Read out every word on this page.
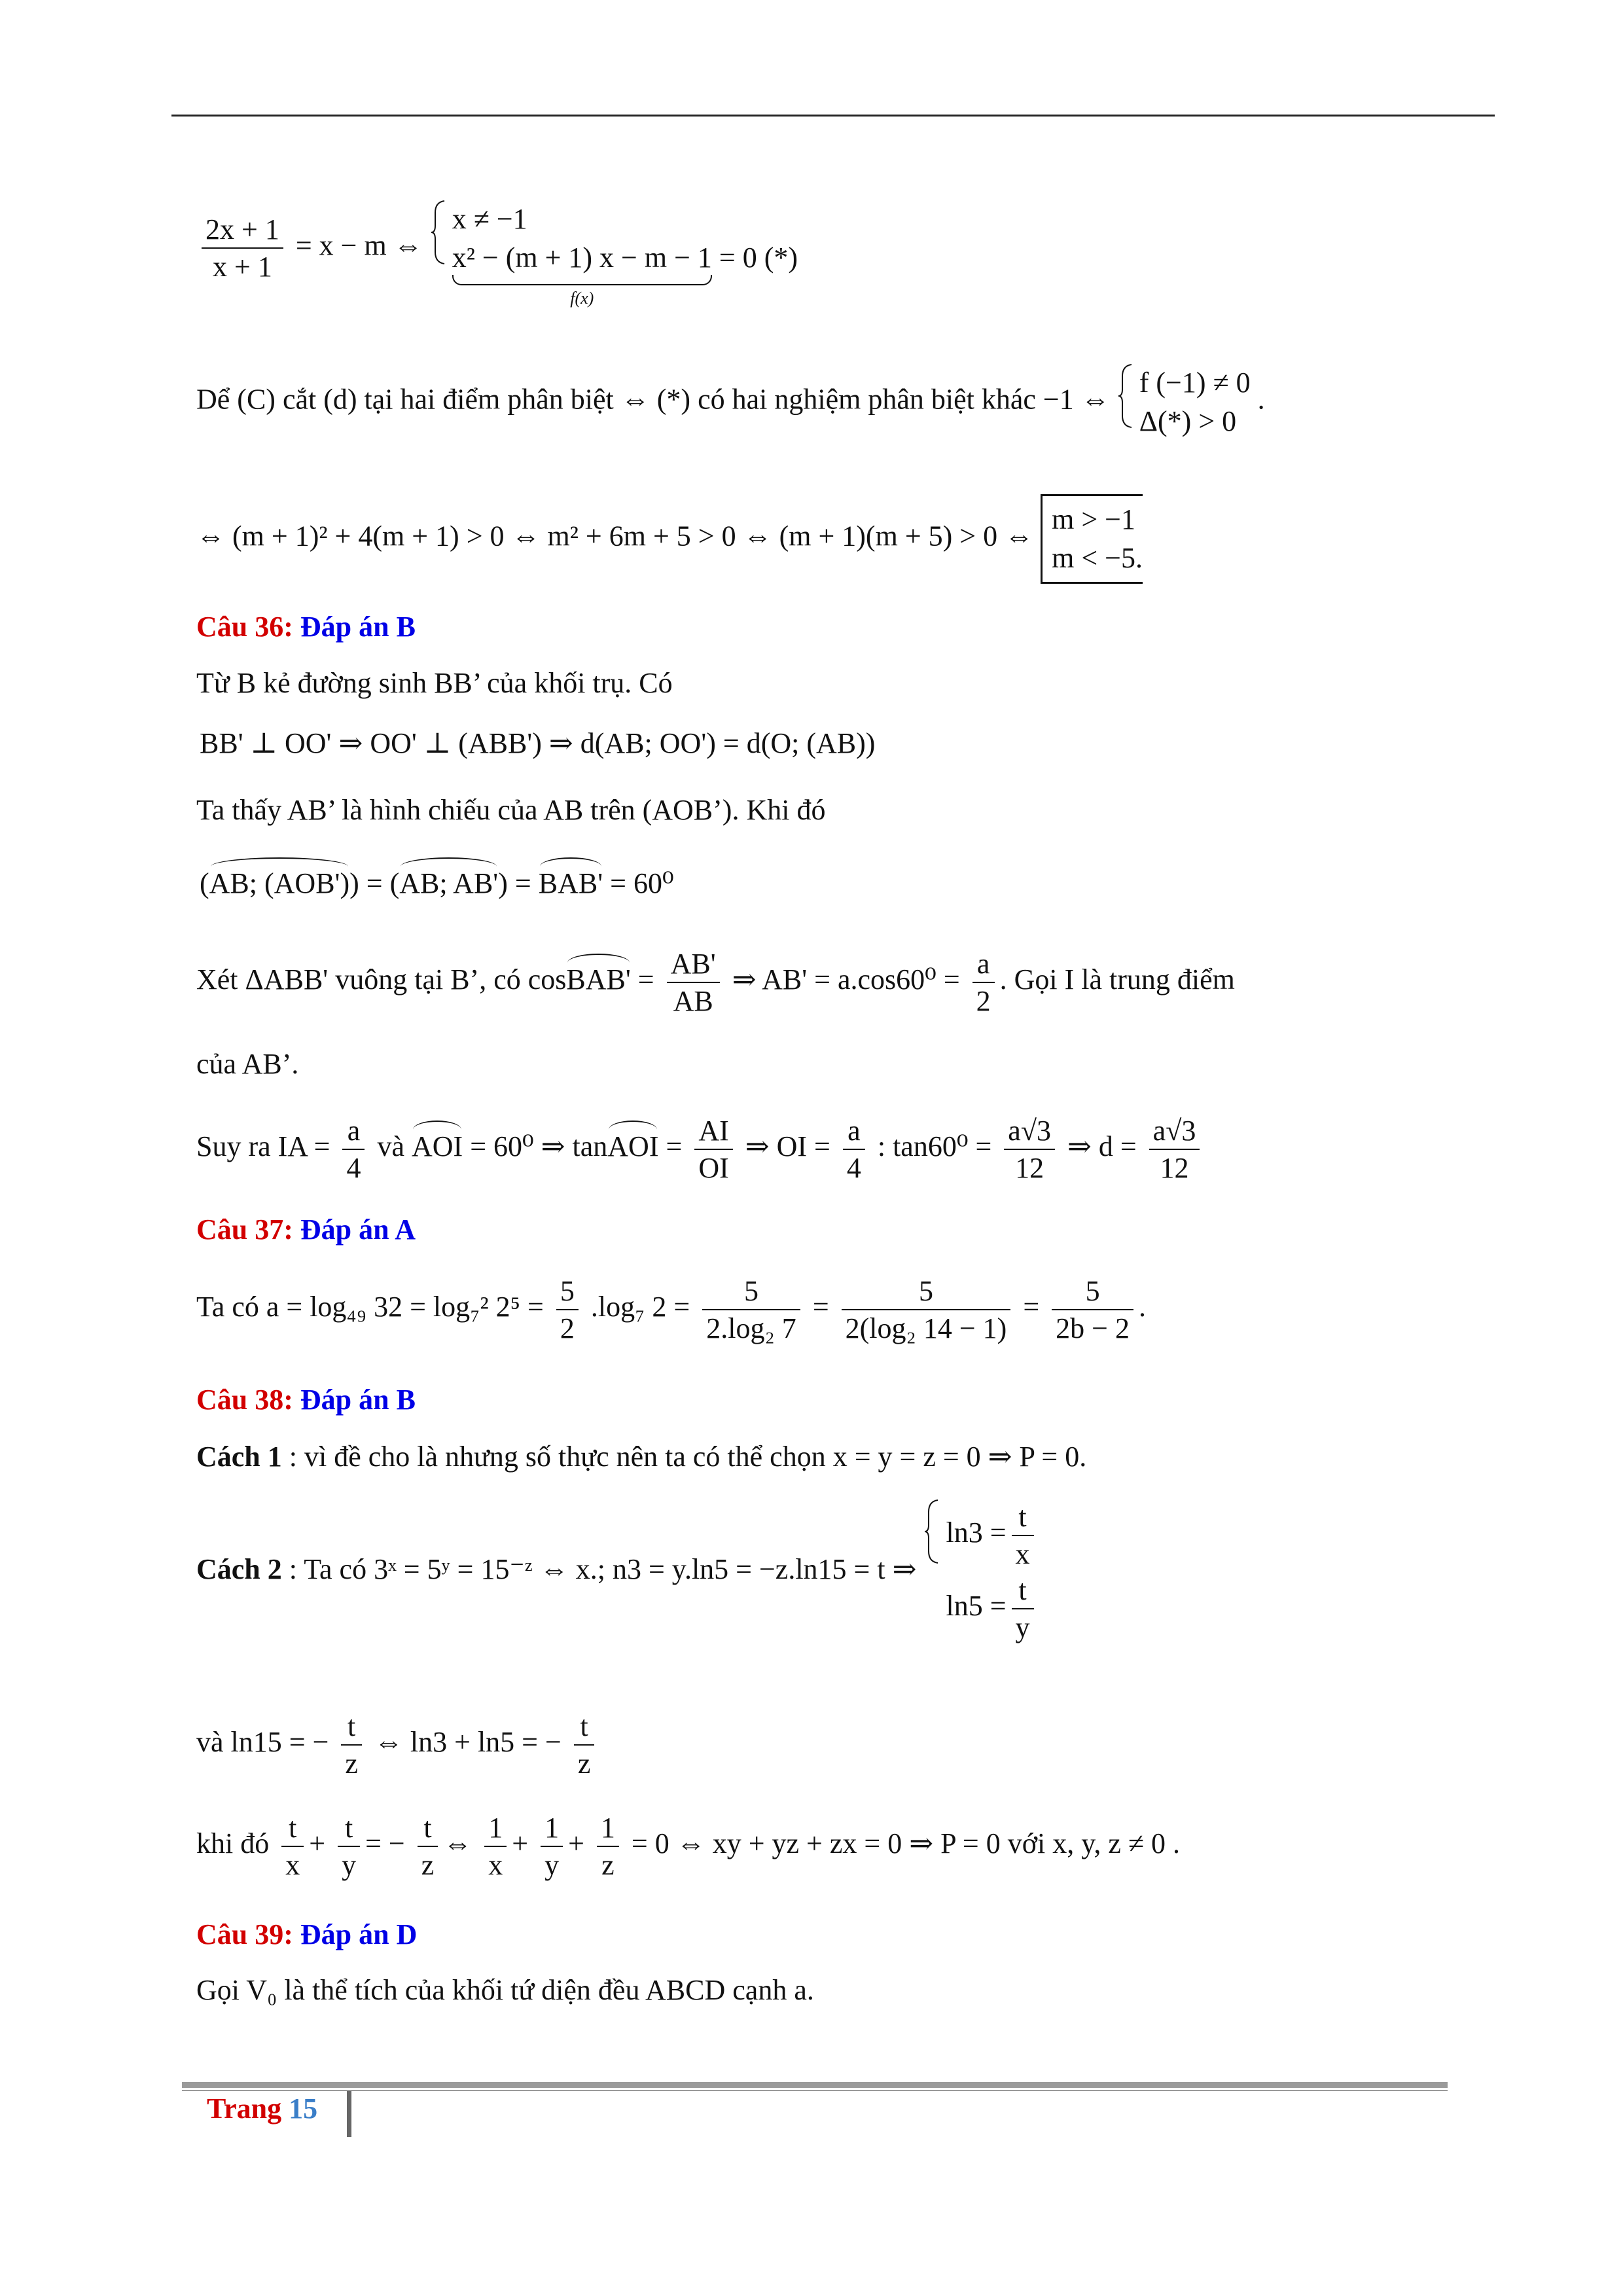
$\frac{2x + 1}{x + 1} = x - m$ ⇔
x ≠ −1
x² − (m + 1) x − m − 1
f(x)
= 0 (*)
Dể (C) cắt (d) tại hai điểm phân biệt ⇔ (*) có hai nghiệm phân biệt khác −1 ⇔
f (−1) ≠ 0
Δ(*) > 0
.
⇔ (m + 1)² + 4(m + 1) > 0 ⇔ m² + 6m + 5 > 0 ⇔ (m + 1)(m + 5) > 0 ⇔
m > −1
m < −5.
Câu 36: Đáp án B
Từ B kẻ đường sinh BB’ của khối trụ. Có
BB' ⊥ OO' ⇒ OO' ⊥ (ABB') ⇒ d(AB; OO') = d(O; (AB))
Ta thấy AB’ là hình chiếu của AB trên (AOB’). Khi đó
(AB; (AOB')) = (AB; AB') = BAB' = 60⁰
Xét ΔABB' vuông tại B’, có cosBAB' = $\frac{AB'}{AB}$ ⇒ $AB' = a.\cos 60^0 = \frac{a}{2}$ . Gọi I là trung điểm
của AB’.
Suy ra IA = $\frac{a}{4}$ và AOI = 60⁰ ⇒ tanAOI = $\frac{AI}{OI}$ ⇒ OI = $\frac{a}{4}$ : $\tan 60^0 = \frac{a√3}{12}$ ⇒ $d = \frac{a√3}{12}$
Câu 37: Đáp án A
Ta có a = log₄₉ 32 = log₇² $2^5 = \frac{5}{2} .\log_7$ $2 = \frac{5}{\text{2.log₂ 7}} = \frac{5}{\text{2(log₂ 14 − 1)}} = \frac{5}{2b - 2}$ .
Câu 38: Đáp án B
Cách 1 : vì đề cho là nhưng số thực nên ta có thể chọn x = y = z = 0 ⇒ P = 0.
Cách 2 : Ta có 3ˣ = 5ʸ = 15⁻ᶻ ⇔ x.; n3 = y.ln5 = −z.ln15 = t ⇒
$\ln 3 = \frac{t}{x}$
$\ln 5 = \frac{t}{y}$
và ln15 = − $\frac{t}{z}$ ⇔ ln3 + ln5 = − $\frac{t}{z}$
khi đó $\frac{t}{x} + \frac{t}{y}$ = − $\frac{t}{z}$ ⇔ $\frac{1}{x} + \frac{1}{y} + \frac{1}{z} = 0$ ⇔ xy + yz + zx = 0 ⇒ P = 0 với x, y, z ≠ 0 .
Câu 39: Đáp án D
Gọi V₀ là thể tích của khối tứ diện đều ABCD cạnh a.
Trang 15
